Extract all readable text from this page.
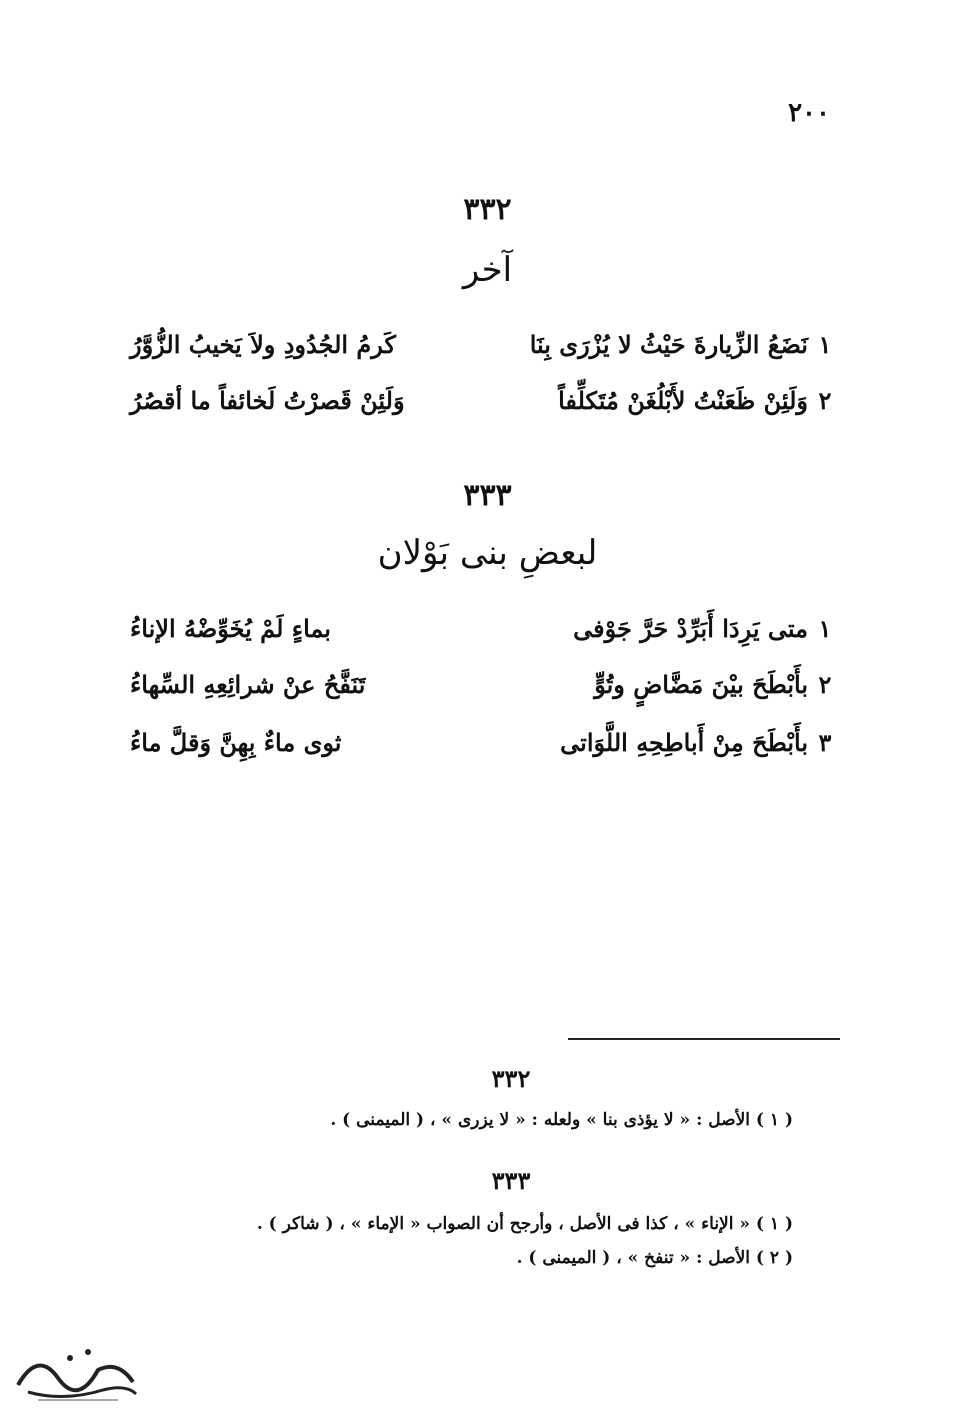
٢٠٠
٣٣٢
آخر
١
نَضَعُ الزِّيارةَ حَيْثُ لا يُزْرَى بِنَا
كَرمُ الجُدُودِ ولاَ يَخيبُ الزُّوَّرُ
٢
وَلَئِنْ ظَعَنْتُ لأَبْلُغَنْ مُتَكلِّفاً
وَلَئِنْ قَصرْتُ لَخائفاً ما أقصُرُ
٣٣٣
لبعضِ بنى بَوْلان
١
متى يَرِدَا أَبَرِّدْ حَرَّ جَوْفى
بماءٍ لَمْ يُخَوِّضْهُ الإناءُ
٢
بأَبْطَحَ بيْنَ مَضَّاضٍ وتُوٍّ
تَنَفَّحُ عنْ شرائِعِهِ السِّهاءُ
٣
بأَبْطَحَ مِنْ أَباطِحِهِ اللَّوَاتى
ثوى ماءٌ بِهِنَّ وَقلَّ ماءُ
٣٣٢
( ١ ) الأصل : « لا يؤذى بنا » ولعله : « لا يزرى » ، ( الميمنى ) .
٣٣٣
( ١ ) « الإناء » ، كذا فى الأصل ، وأرجح أن الصواب « الإماء » ، ( شاكر ) .
( ٢ ) الأصل : « تنفخ » ، ( الميمنى ) .
